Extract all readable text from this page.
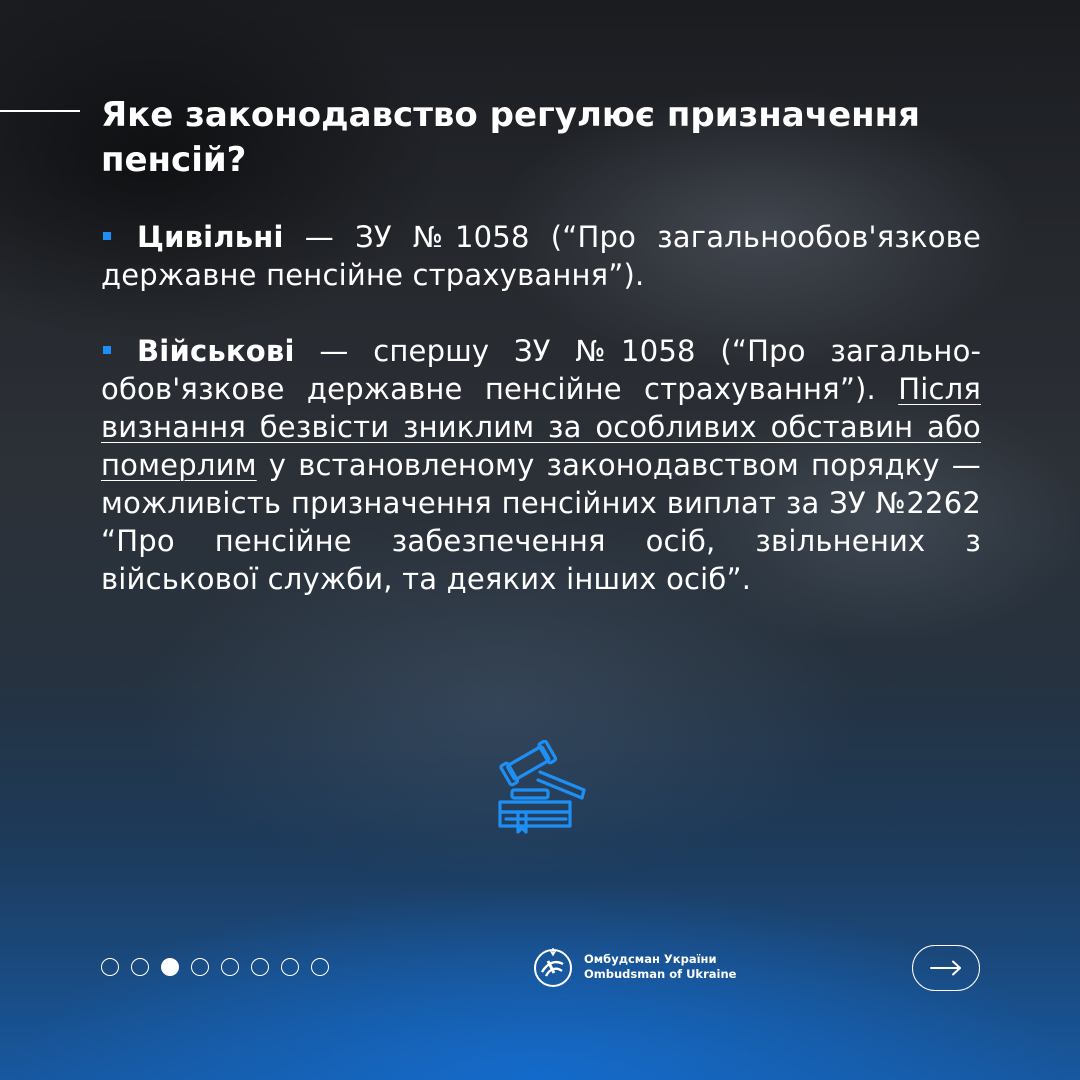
Яке законодавство регулює призначення пенсій?

Цивільні — ЗУ №1058 (“Про загальнообов'язкове державне пенсійне страхування”).

Військові — спершу ЗУ №1058 (“Про загальнообов'язкове державне пенсійне страхування”). Після визнання безвісти зниклим за особливих обставин або померлим у встановленому законодавством порядку — можливість призначення пенсійних виплат за ЗУ №2262 “Про пенсійне забезпечення осіб, звільнених з військової служби, та деяких інших осіб”.

Омбудсман України
Ombudsman of Ukraine
